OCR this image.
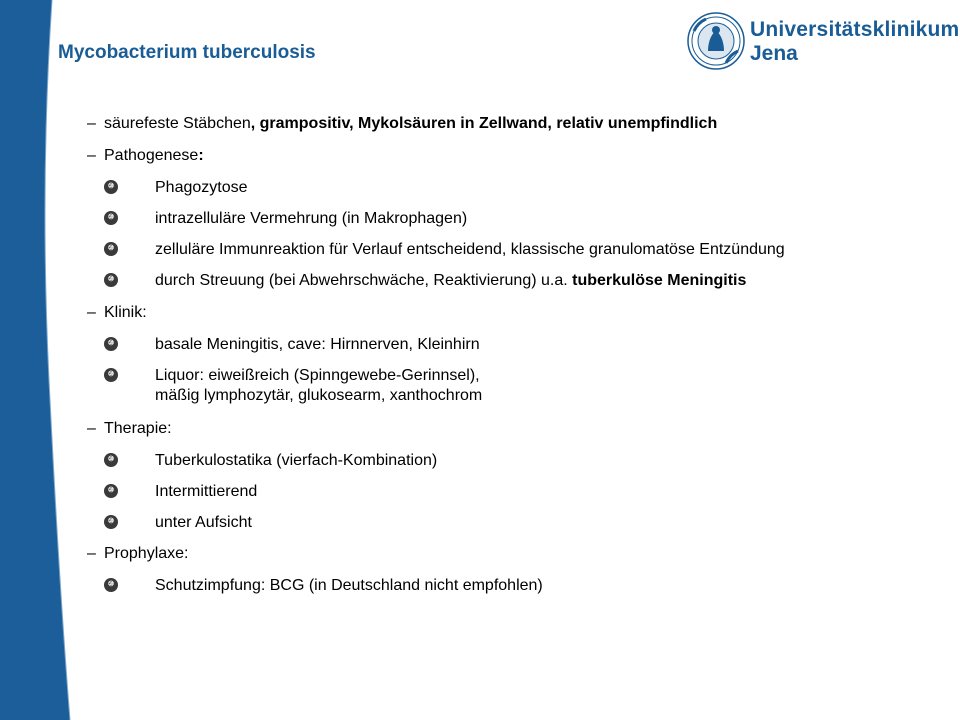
Mycobacterium tuberculosis
Universitätsklinikum
Jena
– säurefeste Stäbchen, grampositiv, Mykolsäuren in Zellwand, relativ unempfindlich
– Pathogenese:
⑩	Phagozytose
⑩	intrazelluläre Vermehrung (in Makrophagen)
⑩	zelluläre Immunreaktion für Verlauf entscheidend, klassische granulomatöse Entzündung
⑩	durch Streuung (bei Abwehrschwäche, Reaktivierung) u.a. tuberkulöse Meningitis
– Klinik:
⑩	basale Meningitis, cave: Hirnnerven, Kleinhirn
⑩	Liquor: eiweißreich (Spinngewebe-Gerinnsel),
mäßig lymphozytär, glukosearm, xanthochrom
– Therapie:
⑩	Tuberkulostatika (vierfach-Kombination)
⑩	Intermittierend
⑩	unter Aufsicht
– Prophylaxe:
⑩	Schutzimpfung: BCG (in Deutschland nicht empfohlen)
